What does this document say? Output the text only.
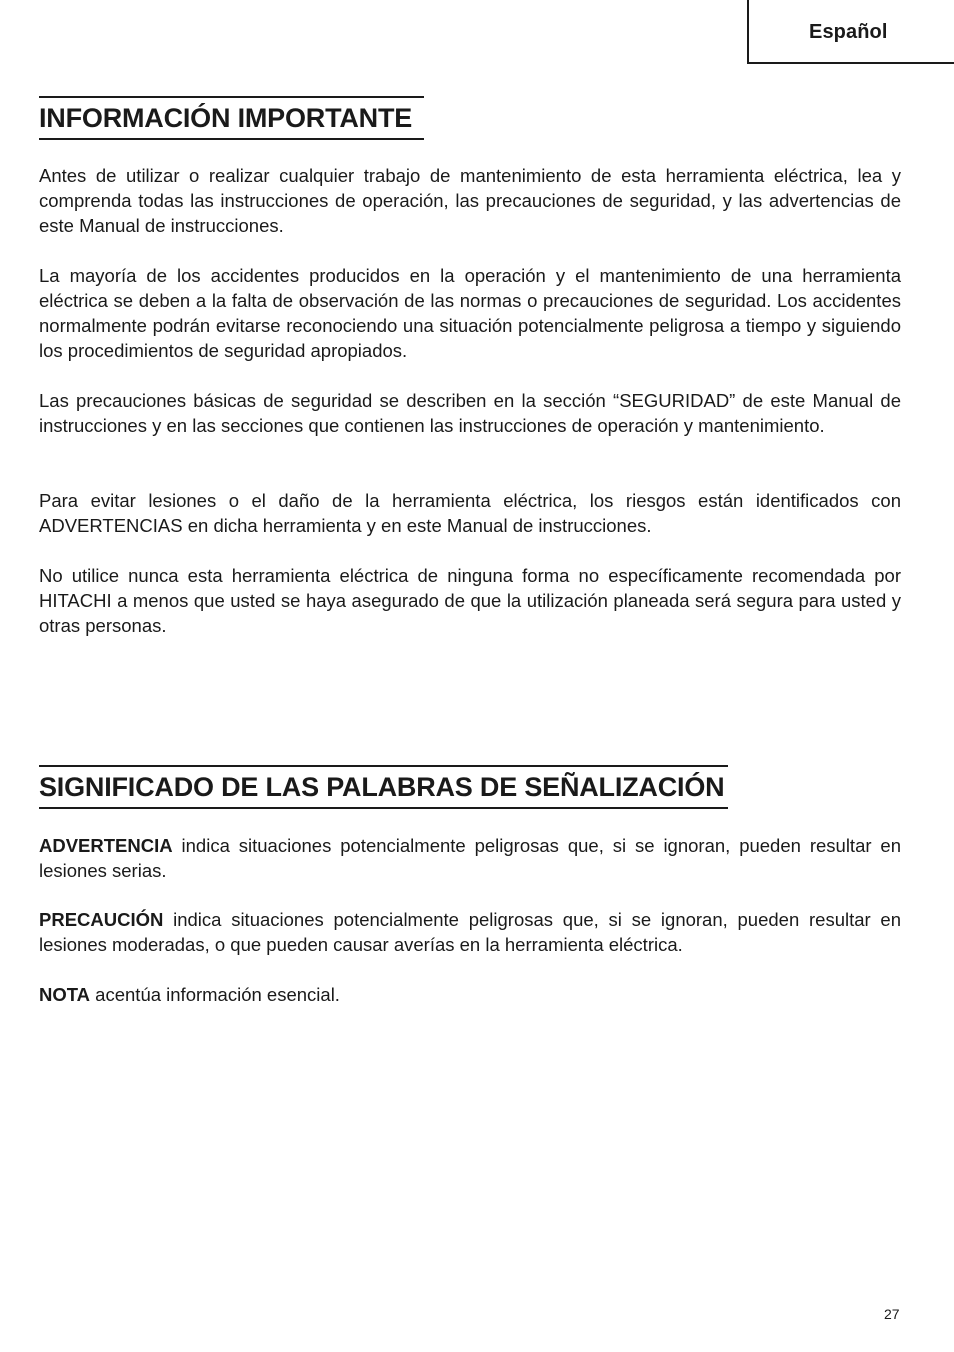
Español
INFORMACIÓN IMPORTANTE

Antes de utilizar o realizar cualquier trabajo de mantenimiento de esta herramienta eléctrica, lea y comprenda todas las instrucciones de operación, las precauciones de seguridad, y las advertencias de este Manual de instrucciones.

La mayoría de los accidentes producidos en la operación y el mantenimiento de una herramienta eléctrica se deben a la falta de observación de las normas o precauciones de seguridad. Los accidentes normalmente podrán evitarse reconociendo una situación potencialmente peligrosa a tiempo y siguiendo los procedimientos de seguridad apropiados.

Las precauciones básicas de seguridad se describen en la sección “SEGURIDAD” de este Manual de instrucciones y en las secciones que contienen las instrucciones de operación y mantenimiento.

Para evitar lesiones o el daño de la herramienta eléctrica, los riesgos están identificados con ADVERTENCIAS en dicha herramienta y en este Manual de instrucciones.

No utilice nunca esta herramienta eléctrica de ninguna forma no específicamente recomendada por HITACHI a menos que usted se haya asegurado de que la utilización planeada será segura para usted y otras personas.

SIGNIFICADO DE LAS PALABRAS DE SEÑALIZACIÓN

ADVERTENCIA indica situaciones potencialmente peligrosas que, si se ignoran, pueden resultar en lesiones serias.

PRECAUCIÓN indica situaciones potencialmente peligrosas que, si se ignoran, pueden resultar en lesiones moderadas, o que pueden causar averías en la herramienta eléctrica.

NOTA acentúa información esencial.

27
